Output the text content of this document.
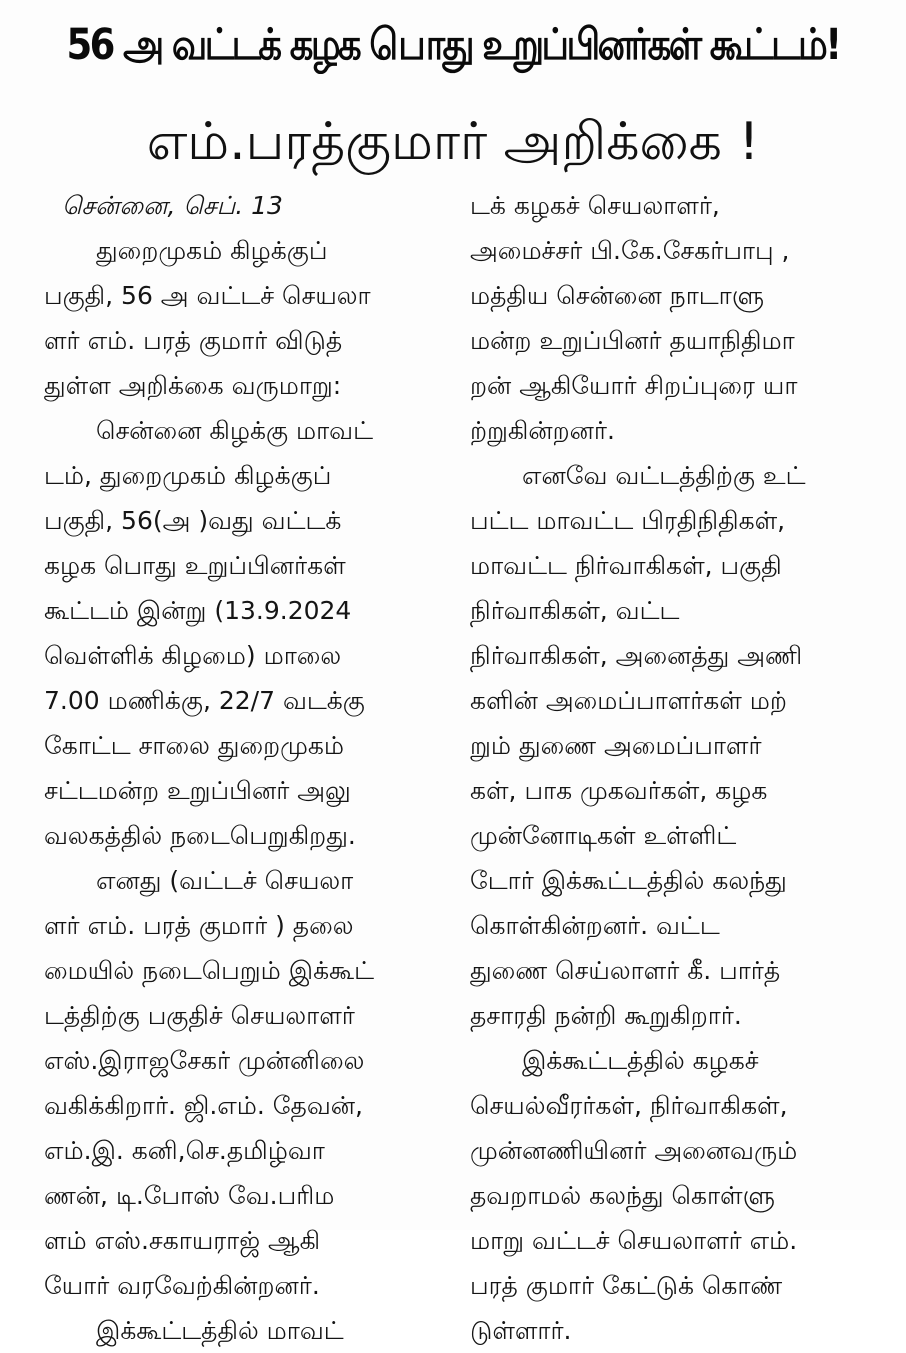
56 அ வட்டக் கழக பொது உறுப்பினர்கள் கூட்டம்!
எம்.பரத்குமார் அறிக்கை !
சென்னை, செப். 13
துறைமுகம் கிழக்குப்
பகுதி, 56 அ வட்டச் செயலா
ளர் எம். பரத் குமார் விடுத்
துள்ள அறிக்கை வருமாறு:
சென்னை கிழக்கு மாவட்
டம், துறைமுகம் கிழக்குப்
பகுதி, 56(அ )வது வட்டக்
கழக பொது உறுப்பினர்கள்
கூட்டம் இன்று (13.9.2024
வெள்ளிக் கிழமை) மாலை
7.00 மணிக்கு, 22/7 வடக்கு
கோட்ட சாலை துறைமுகம்
சட்டமன்ற உறுப்பினர் அலு
வலகத்தில் நடைபெறுகிறது.
எனது (வட்டச் செயலா
ளர் எம். பரத் குமார் ) தலை
மையில் நடைபெறும் இக்கூட்
டத்திற்கு பகுதிச் செயலாளர்
எஸ்.இராஜசேகர் முன்னிலை
வகிக்கிறார். ஜி.எம். தேவன்,
எம்.இ. கனி,செ.தமிழ்வா
ணன், டி.போஸ் வே.பரிம
ளம் எஸ்.சகாயராஜ் ஆகி
யோர் வரவேற்கின்றனர்.
இக்கூட்டத்தில் மாவட்
டக் கழகச் செயலாளர்,
அமைச்சர் பி.கே.சேகர்பாபு ,
மத்திய சென்னை நாடாளு
மன்ற உறுப்பினர் தயாநிதிமா
றன் ஆகியோர் சிறப்புரை யா
ற்றுகின்றனர்.
எனவே வட்டத்திற்கு உட்
பட்ட மாவட்ட பிரதிநிதிகள்,
மாவட்ட நிர்வாகிகள், பகுதி
நிர்வாகிகள், வட்ட
நிர்வாகிகள், அனைத்து அணி
களின் அமைப்பாளர்கள் மற்
றும் துணை அமைப்பாளர்
கள், பாக முகவர்கள், கழக
முன்னோடிகள் உள்ளிட்
டோர் இக்கூட்டத்தில் கலந்து
கொள்கின்றனர். வட்ட
துணை செய்லாளர் கீ. பார்த்
தசாரதி நன்றி கூறுகிறார்.
இக்கூட்டத்தில் கழகச்
செயல்வீரர்கள், நிர்வாகிகள்,
முன்னணியினர் அனைவரும்
தவறாமல் கலந்து கொள்ளு
மாறு வட்டச் செயலாளர் எம்.
பரத் குமார் கேட்டுக் கொண்
டுள்ளார்.
